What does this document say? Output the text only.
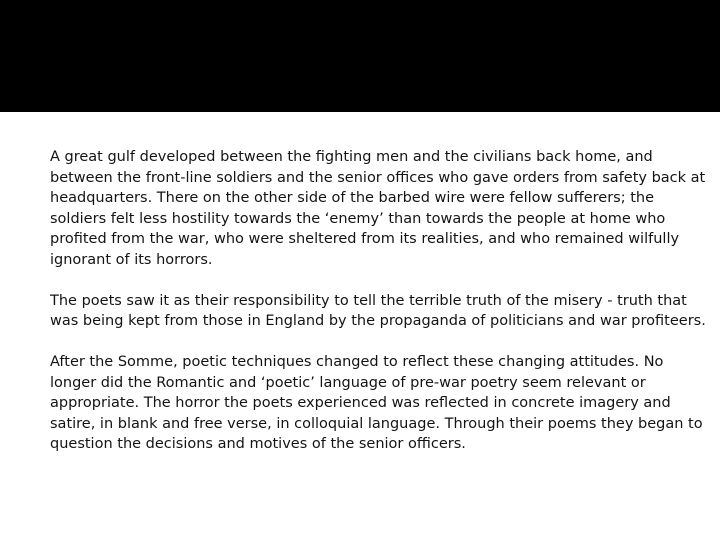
A great gulf developed between the fighting men and the civilians back home, and between the front-line soldiers and the senior offices who gave orders from safety back at headquarters. There on the other side of the barbed wire were fellow sufferers; the soldiers felt less hostility towards the ‘enemy’ than towards the people at home who profited from the war, who were sheltered from its realities, and who remained wilfully ignorant of its horrors.

The poets saw it as their responsibility to tell the terrible truth of the misery - truth that was being kept from those in England by the propaganda of politicians and war profiteers.

After the Somme, poetic techniques changed to reflect these changing attitudes. No longer did the Romantic and ‘poetic’ language of pre-war poetry seem relevant or appropriate. The horror the poets experienced was reflected in concrete imagery and satire, in blank and free verse, in colloquial language. Through their poems they began to question the decisions and motives of the senior officers.
